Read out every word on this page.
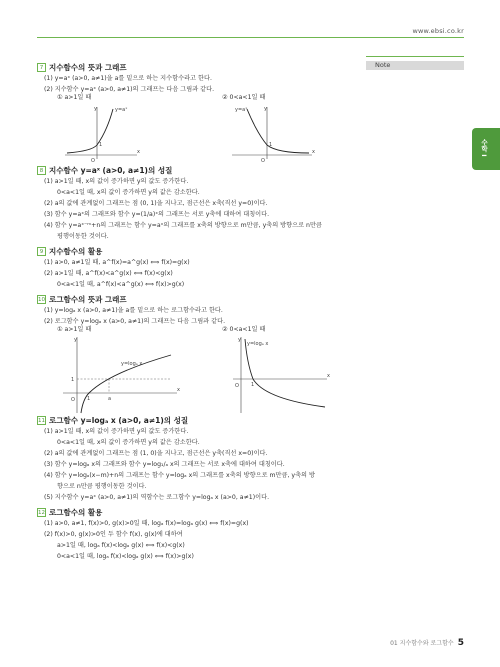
www.ebsi.co.kr
Note
수학 I
7 지수함수의 뜻과 그래프
(1) y=aˣ (a>0, a≠1)을 a를 밑으로 하는 지수함수라고 한다.
(2) 지수함수 y=aˣ (a>0, a≠1)의 그래프는 다음 그림과 같다.
① a>1일 때	② 0<a<1일 때
y
x
O
1
y=aˣ	y
x
O
1
y=aˣ
8 지수함수 y=aˣ (a>0, a≠1)의 성질
(1) a>1일 때, x의 값이 증가하면 y의 값도 증가한다.
0<a<1일 때, x의 값이 증가하면 y의 값은 감소한다.
(2) a의 값에 관계없이 그래프는 점 (0, 1)을 지나고, 점근선은 x축(직선 y=0)이다.
(3) 함수 y=aˣ의 그래프와 함수 y=(1/a)ˣ의 그래프는 서로 y축에 대하여 대칭이다.
(4) 함수 y=aˣ⁻ᵐ+n의 그래프는 함수 y=aˣ의 그래프를 x축의 방향으로 m만큼, y축의 방향으로 n만큼
평행이동한 것이다.
9 지수함수의 활용
(1) a>0, a≠1일 때, a^f(x)=a^g(x) ⟺ f(x)=g(x)
(2) a>1일 때, a^f(x)<a^g(x) ⟺ f(x)<g(x)
0<a<1일 때, a^f(x)<a^g(x) ⟺ f(x)>g(x)
10 로그함수의 뜻과 그래프
(1) y=logₐ x (a>0, a≠1)을 a를 밑으로 하는 로그함수라고 한다.
(2) 로그함수 y=logₐ x (a>0, a≠1)의 그래프는 다음 그림과 같다.
① a>1일 때	② 0<a<1일 때
y
x
O
1
1	a
y=logₐ x
y
x
O 1
y=logₐ x
11 로그함수 y=logₐ x (a>0, a≠1)의 성질
(1) a>1일 때, x의 값이 증가하면 y의 값도 증가한다.
0<a<1일 때, x의 값이 증가하면 y의 값은 감소한다.
(2) a의 값에 관계없이 그래프는 점 (1, 0)을 지나고, 점근선은 y축(직선 x=0)이다.
(3) 함수 y=logₐ x의 그래프와 함수 y=log₁/ₐ x의 그래프는 서로 x축에 대하여 대칭이다.
(4) 함수 y=logₐ(x−m)+n의 그래프는 함수 y=logₐ x의 그래프를 x축의 방향으로 m만큼, y축의 방
향으로 n만큼 평행이동한 것이다.
(5) 지수함수 y=aˣ (a>0, a≠1)의 역함수는 로그함수 y=logₐ x (a>0, a≠1)이다.
12 로그함수의 활용
(1) a>0, a≠1, f(x)>0, g(x)>0일 때, logₐ f(x)=logₐ g(x) ⟺ f(x)=g(x)
(2) f(x)>0, g(x)>0인 두 함수 f(x), g(x)에 대하여
a>1일 때, logₐ f(x)<logₐ g(x) ⟺ f(x)<g(x)
0<a<1일 때, logₐ f(x)<logₐ g(x) ⟺ f(x)>g(x)
01 지수함수와 로그함수 5
